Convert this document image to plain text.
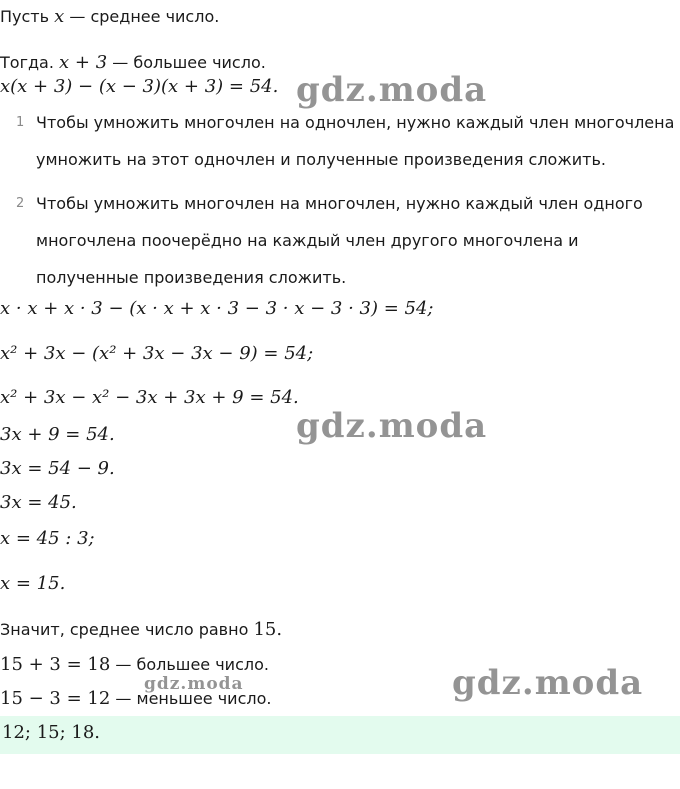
Пусть x — среднее число.
Тогда. x + 3 — большее число.
x(x + 3) − (x − 3)(x + 3) = 54.
1 Чтобы умножить многочлен на одночлен, нужно каждый член многочлена умножить на этот одночлен и полученные произведения сложить.
2 Чтобы умножить многочлен на многочлен, нужно каждый член одного многочлена поочерёдно на каждый член другого многочлена и полученные произведения сложить.
x · x + x · 3 − (x · x + x · 3 − 3 · x − 3 · 3) = 54;
x² + 3x − (x² + 3x − 3x − 9) = 54;
x² + 3x − x² − 3x + 3x + 9 = 54.
3x + 9 = 54.
3x = 54 − 9.
3x = 45.
x = 45 : 3;
x = 15.
Значит, среднее число равно 15.
15 + 3 = 18 — большее число.
15 − 3 = 12 — меньшее число.
12; 15; 18.
gdz.moda
gdz.moda
gdz.moda
gdz.moda
